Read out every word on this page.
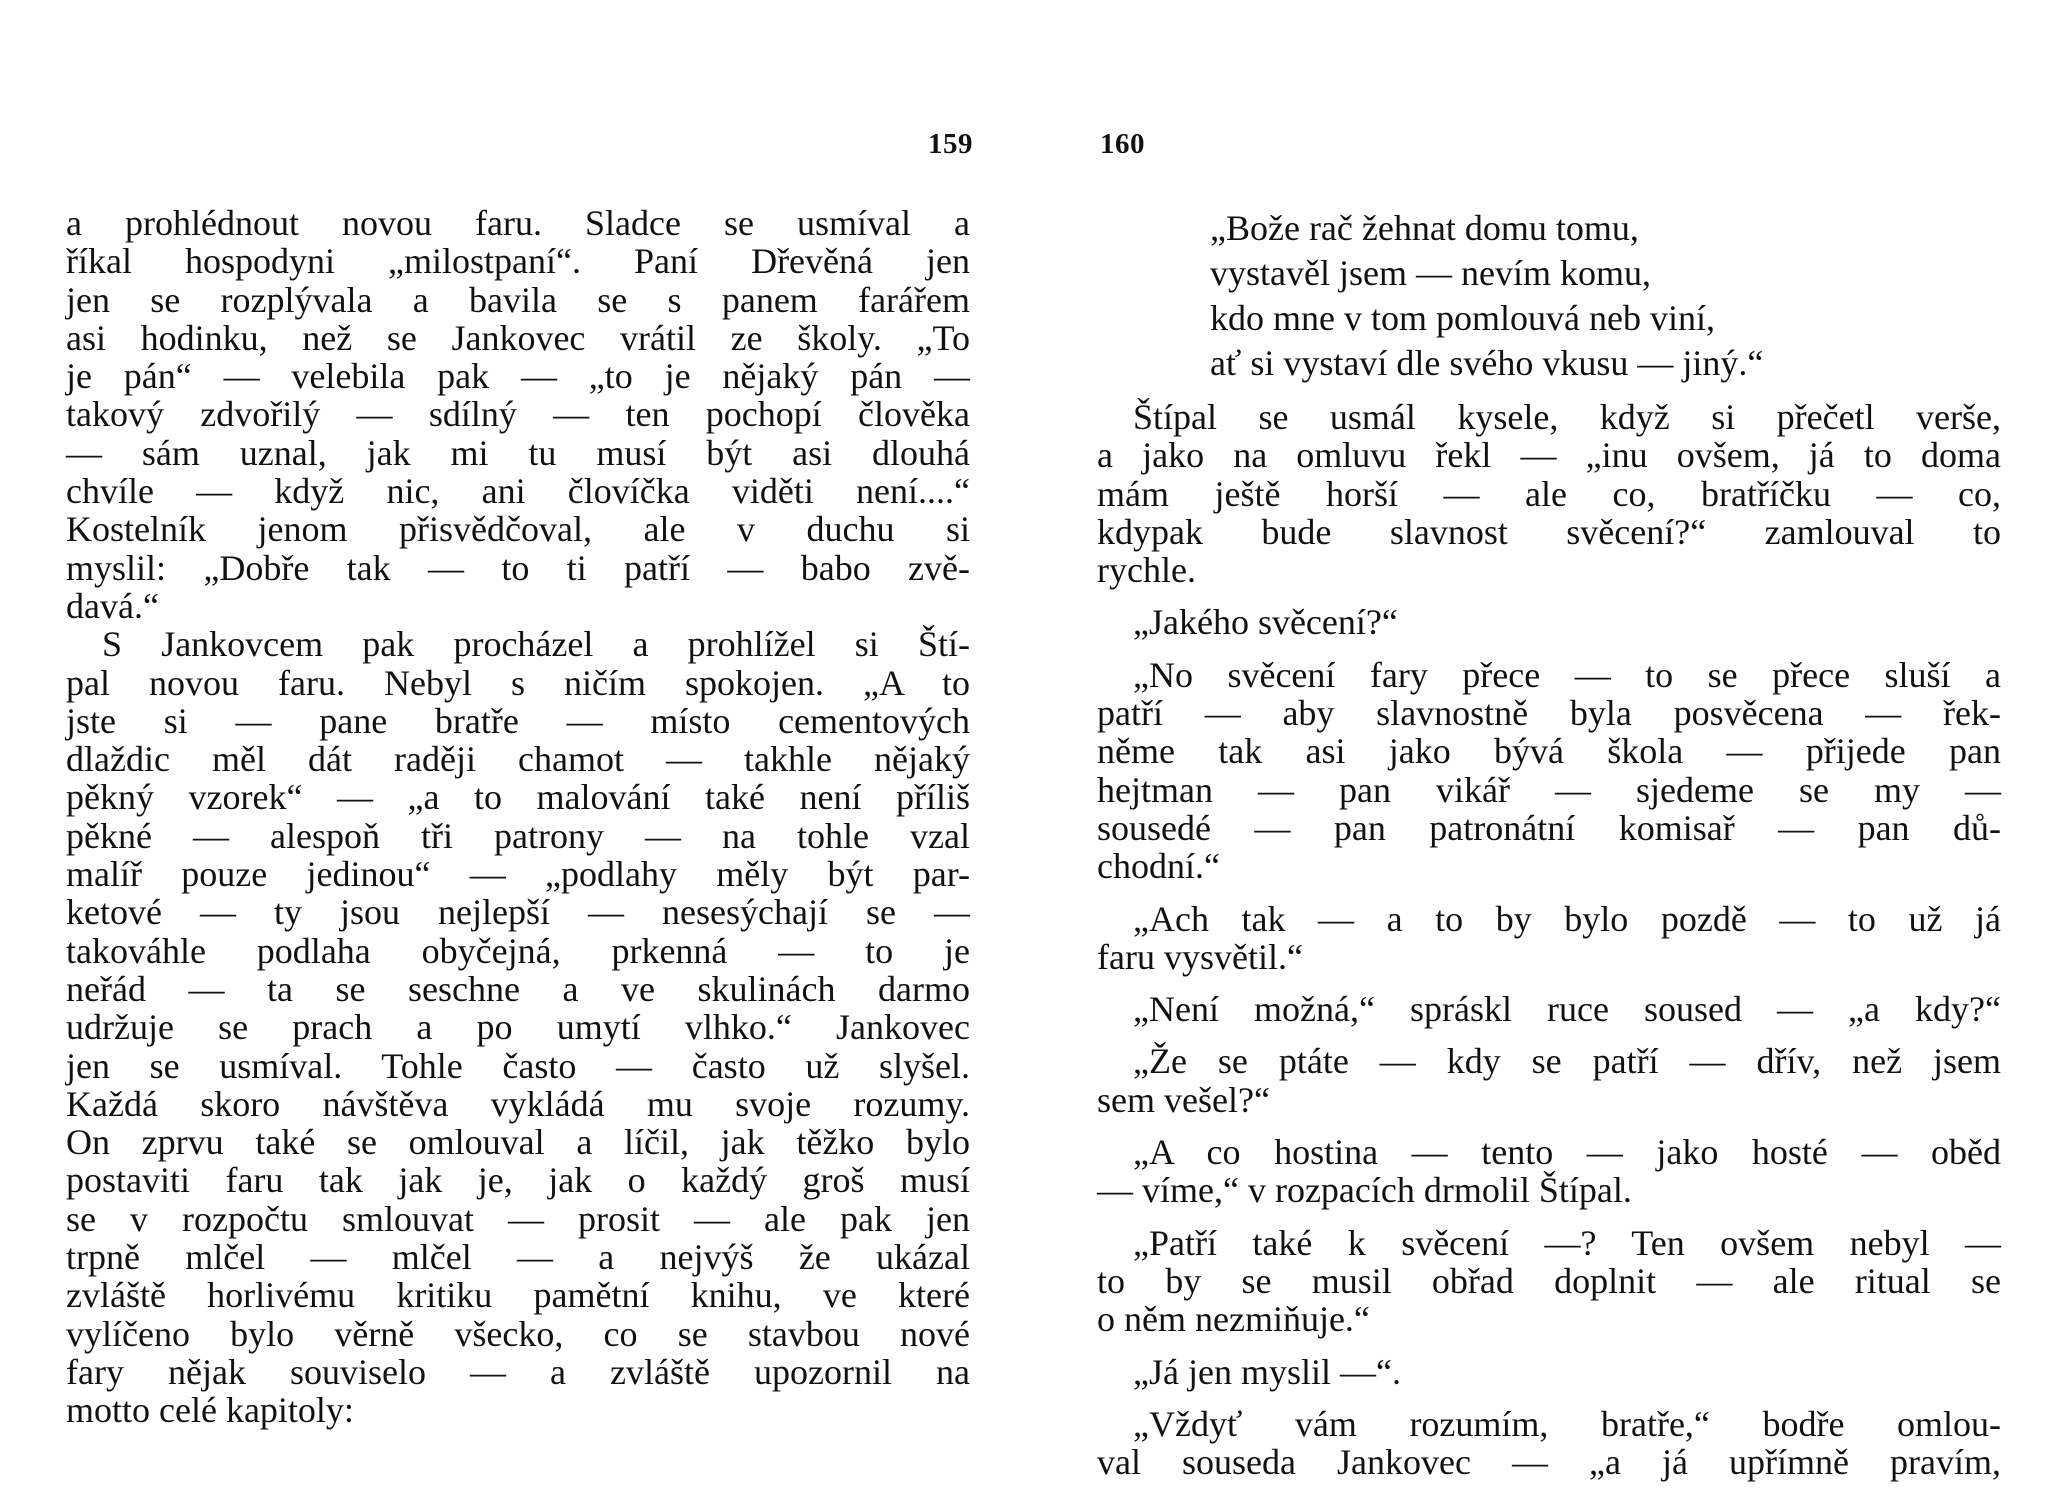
159	160
a prohlédnout novou faru. Sladce se usmíval a
říkal hospodyni „milostpaní“. Paní Dřevěná jen
jen se rozplývala a bavila se s panem farářem
asi hodinku, než se Jankovec vrátil ze školy. „To
je pán“ — velebila pak — „to je nějaký pán —
takový zdvořilý — sdílný — ten pochopí člověka
— sám uznal, jak mi tu musí být asi dlouhá
chvíle — když nic, ani človíčka viděti není....“
Kostelník jenom přisvědčoval, ale v duchu si
myslil: „Dobře tak — to ti patří — babo zvě-
davá.“
S Jankovcem pak procházel a prohlížel si Ští-
pal novou faru. Nebyl s ničím spokojen. „A to
jste si — pane bratře — místo cementových
dlaždic měl dát raději chamot — takhle nějaký
pěkný vzorek“ — „a to malování také není příliš
pěkné — alespoň tři patrony — na tohle vzal
malíř pouze jedinou“ — „podlahy měly být par-
ketové — ty jsou nejlepší — nesesýchají se —
takováhle podlaha obyčejná, prkenná — to je
neřád — ta se seschne a ve skulinách darmo
udržuje se prach a po umytí vlhko.“ Jankovec
jen se usmíval. Tohle často — často už slyšel.
Každá skoro návštěva vykládá mu svoje rozumy.
On zprvu také se omlouval a líčil, jak těžko bylo
postaviti faru tak jak je, jak o každý groš musí
se v rozpočtu smlouvat — prosit — ale pak jen
trpně mlčel — mlčel — a nejvýš že ukázal
zvláště horlivému kritiku pamětní knihu, ve které
vylíčeno bylo věrně všecko, co se stavbou nové
fary nějak souviselo — a zvláště upozornil na
motto celé kapitoly:
„Bože rač žehnat domu tomu,
vystavěl jsem — nevím komu,
kdo mne v tom pomlouvá neb viní,
ať si vystaví dle svého vkusu — jiný.“
Štípal se usmál kysele, když si přečetl verše,
a jako na omluvu řekl — „inu ovšem, já to doma
mám ještě horší — ale co, bratříčku — co,
kdypak bude slavnost svěcení?“ zamlouval to
rychle.
„Jakého svěcení?“
„No svěcení fary přece — to se přece sluší a
patří — aby slavnostně byla posvěcena — řek-
něme tak asi jako bývá škola — přijede pan
hejtman — pan vikář — sjedeme se my —
sousedé — pan patronátní komisař — pan dů-
chodní.“
„Ach tak — a to by bylo pozdě — to už já
faru vysvětil.“
„Není možná,“ spráskl ruce soused — „a kdy?“
„Že se ptáte — kdy se patří — dřív, než jsem
sem vešel?“
„A co hostina — tento — jako hosté — oběd
— víme,“ v rozpacích drmolil Štípal.
„Patří také k svěcení —? Ten ovšem nebyl —
to by se musil obřad doplnit — ale ritual se
o něm nezmiňuje.“
„Já jen myslil —“.
„Vždyť vám rozumím, bratře,“ bodře omlou-
val souseda Jankovec — „a já upřímně pravím,
